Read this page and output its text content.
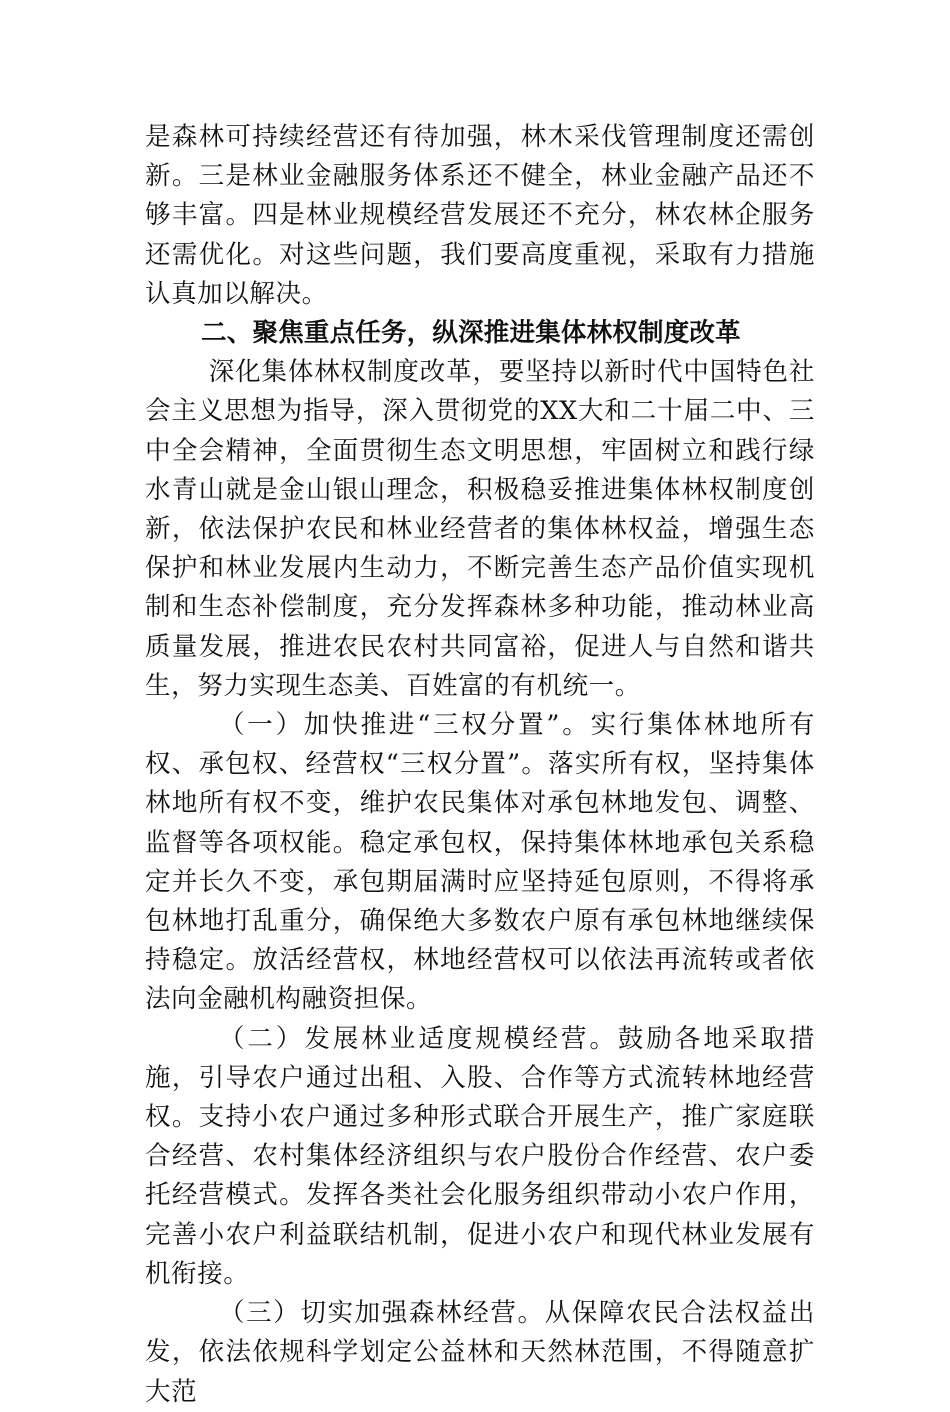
是森林可持续经营还有待加强，林木采伐管理制度还需创新。三是林业金融服务体系还不健全，林业金融产品还不够丰富。四是林业规模经营发展还不充分，林农林企服务还需优化。对这些问题，我们要高度重视，采取有力措施认真加以解决。

二、聚焦重点任务，纵深推进集体林权制度改革

深化集体林权制度改革，要坚持以新时代中国特色社会主义思想为指导，深入贯彻党的XX大和二十届二中、三中全会精神，全面贯彻生态文明思想，牢固树立和践行绿水青山就是金山银山理念，积极稳妥推进集体林权制度创新，依法保护农民和林业经营者的集体林权益，增强生态保护和林业发展内生动力，不断完善生态产品价值实现机制和生态补偿制度，充分发挥森林多种功能，推动林业高质量发展，推进农民农村共同富裕，促进人与自然和谐共生，努力实现生态美、百姓富的有机统一。

（一）加快推进“三权分置”。实行集体林地所有权、承包权、经营权“三权分置”。落实所有权，坚持集体林地所有权不变，维护农民集体对承包林地发包、调整、监督等各项权能。稳定承包权，保持集体林地承包关系稳定并长久不变，承包期届满时应坚持延包原则，不得将承包林地打乱重分，确保绝大多数农户原有承包林地继续保持稳定。放活经营权，林地经营权可以依法再流转或者依法向金融机构融资担保。

（二）发展林业适度规模经营。鼓励各地采取措施，引导农户通过出租、入股、合作等方式流转林地经营权。支持小农户通过多种形式联合开展生产，推广家庭联合经营、农村集体经济组织与农户股份合作经营、农户委托经营模式。发挥各类社会化服务组织带动小农户作用，完善小农户利益联结机制，促进小农户和现代林业发展有机衔接。

（三）切实加强森林经营。从保障农民合法权益出发，依法依规科学划定公益林和天然林范围，不得随意扩大范
